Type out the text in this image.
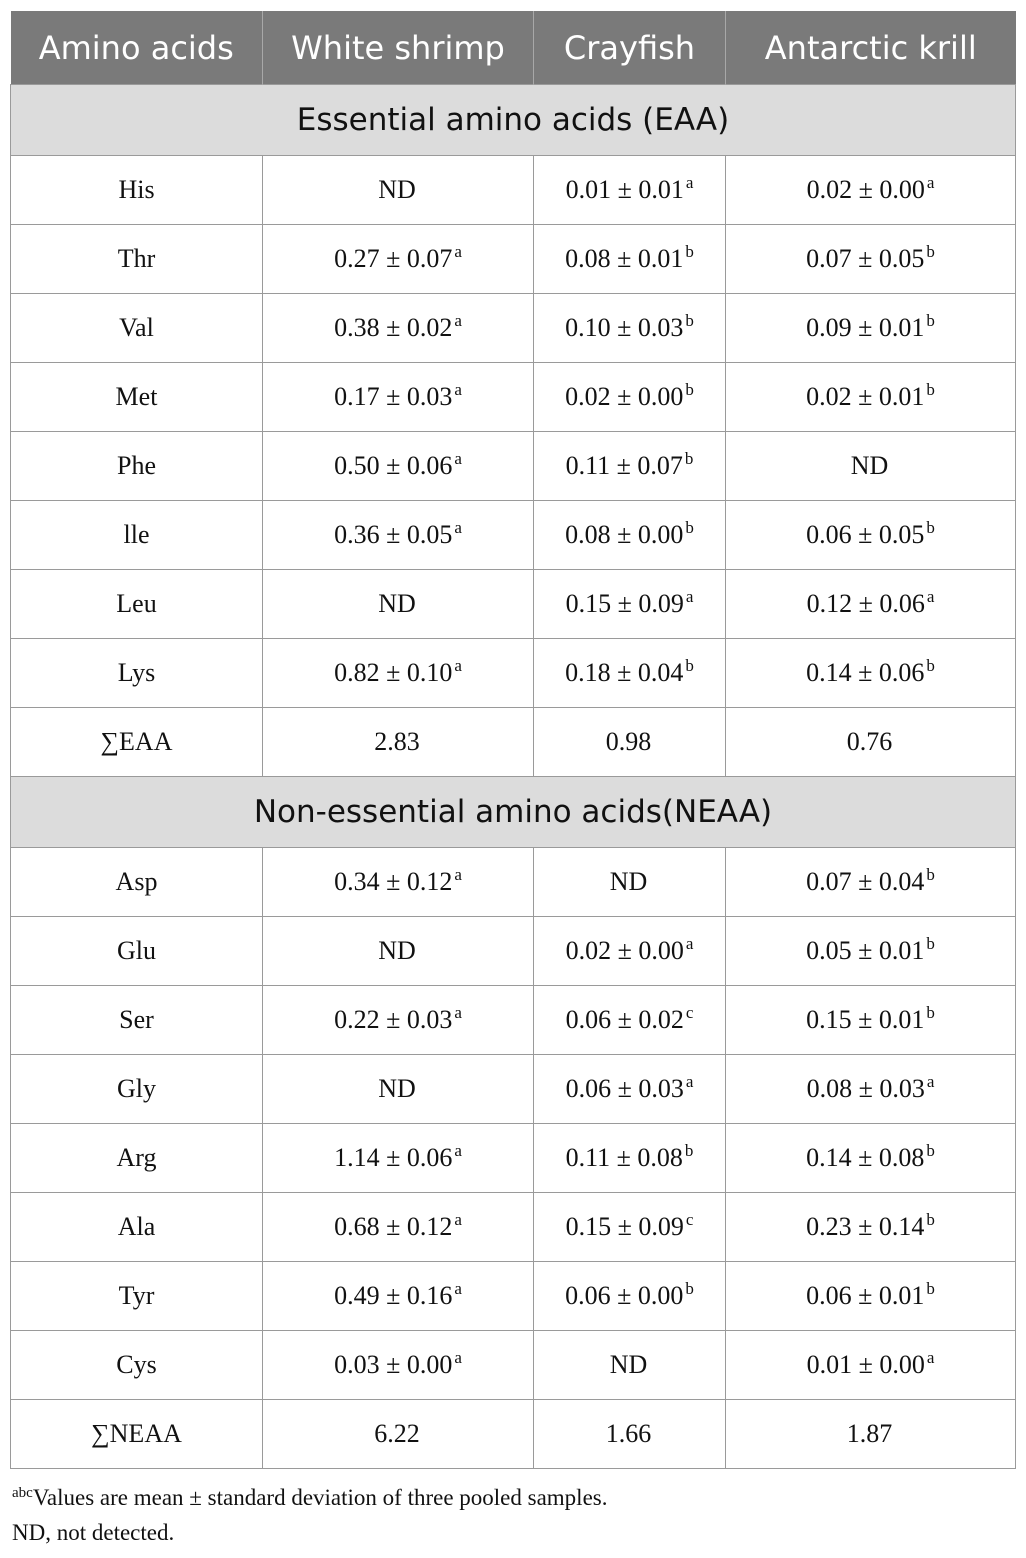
Amino acids	White shrimp	Crayfish	Antarctic krill
Essential amino acids (EAA)			
His	ND	0.01 ± 0.01 $^a$	0.02 ± 0.00 $^a$
Thr	0.27 ± 0.07 $^a$	0.08 ± 0.01 $^b$	0.07 ± 0.05 $^b$
Val	0.38 ± 0.02 $^a$	0.10 ± 0.03 $^b$	0.09 ± 0.01 $^b$
Met	0.17 ± 0.03 $^a$	0.02 ± 0.00 $^b$	0.02 ± 0.01 $^b$
Phe	0.50 ± 0.06 $^a$	0.11 ± 0.07 $^b$	ND
lle	0.36 ± 0.05 $^a$	0.08 ± 0.00 $^b$	0.06 ± 0.05 $^b$
Leu	ND	0.15 ± 0.09 $^a$	0.12 ± 0.06 $^a$
Lys	0.82 ± 0.10 $^a$	0.18 ± 0.04 $^b$	0.14 ± 0.06 $^b$
∑EAA	2.83	0.98	0.76
Non-essential amino acids(NEAA)			
Asp	0.34 ± 0.12 $^a$	ND	0.07 ± 0.04 $^b$
Glu	ND	0.02 ± 0.00 $^a$	0.05 ± 0.01 $^b$
Ser	0.22 ± 0.03 $^a$	0.06 ± 0.02 $^c$	0.15 ± 0.01 $^b$
Gly	ND	0.06 ± 0.03 $^a$	0.08 ± 0.03 $^a$
Arg	1.14 ± 0.06 $^a$	0.11 ± 0.08 $^b$	0.14 ± 0.08 $^b$
Ala	0.68 ± 0.12 $^a$	0.15 ± 0.09 $^c$	0.23 ± 0.14 $^b$
Tyr	0.49 ± 0.16 $^a$	0.06 ± 0.00 $^b$	0.06 ± 0.01 $^b$
Cys	0.03 ± 0.00 $^a$	ND	0.01 ± 0.00 $^a$
∑NEAA	6.22	1.66	1.87
$^{abc}$Values are mean ± standard deviation of three pooled samples.
ND, not detected.
